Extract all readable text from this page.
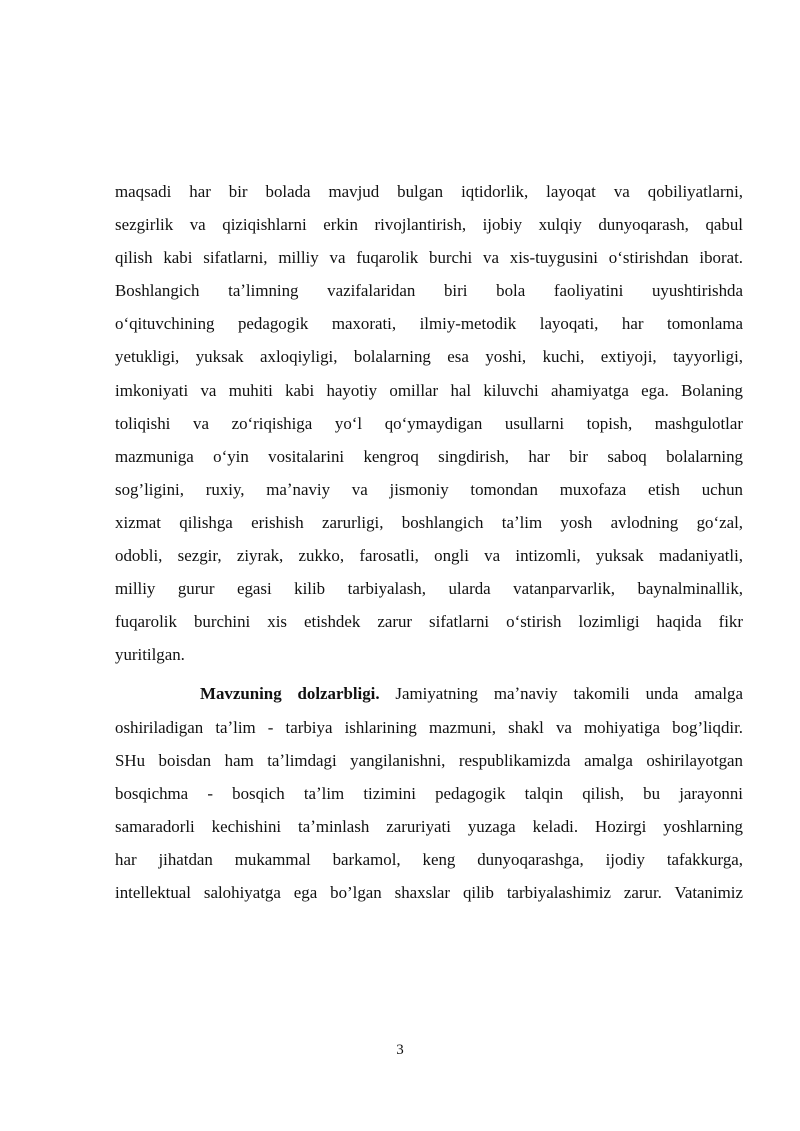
maqsadi har bir bolada mavjud bulgan iqtidorlik, layoqat va qobiliyatlarni,
sezgirlik va qiziqishlarni erkin rivojlantirish, ijobiy xulqiy dunyoqarash, qabul
qilish kabi sifatlarni, milliy va fuqarolik burchi va xis-tuygusini oʻstirishdan iborat.
Boshlangich taʼlimning vazifalaridan biri bola faoliyatini uyushtirishda
oʻqituvchining pedagogik maxorati, ilmiy-metodik layoqati, har tomonlama
yetukligi, yuksak axloqiyligi, bolalarning esa yoshi, kuchi, extiyoji, tayyorligi,
imkoniyati va muhiti kabi hayotiy omillar hal kiluvchi ahamiyatga ega. Bolaning
toliqishi va zoʻriqishiga yoʻl qoʻymaydigan usullarni topish, mashgulotlar
mazmuniga oʻyin vositalarini kengroq singdirish, har bir saboq bolalarning
sog’ligini, ruxiy, maʼnaviy va jismoniy tomondan muxofaza etish uchun
xizmat qilishga erishish zarurligi, boshlangich taʼlim yosh avlodning goʻzal,
odobli, sezgir, ziyrak, zukko, farosatli, ongli va intizomli, yuksak madaniyatli,
milliy gurur egasi kilib tarbiyalash, ularda vatanparvarlik, baynalminallik,
fuqarolik burchini xis etishdek zarur sifatlarni oʻstirish lozimligi haqida fikr
yuritilgan.
Mavzuning dolzarbligi. Jamiyatning maʼnaviy takomili unda amalga
oshiriladigan taʼlim - tarbiya ishlarining mazmuni, shakl va mohiyatiga bog’liqdir.
SHu boisdan ham taʼlimdagi yangilanishni, respublikamizda amalga oshirilayotgan
bosqichma - bosqich taʼlim tizimini pedagogik talqin qilish, bu jarayonni
samaradorli kechishini taʼminlash zaruriyati yuzaga keladi. Hozirgi yoshlarning
har jihatdan mukammal barkamol, keng dunyoqarashga, ijodiy tafakkurga,
intellektual salohiyatga ega bo’lgan shaxslar qilib tarbiyalashimiz zarur. Vatanimiz
3
